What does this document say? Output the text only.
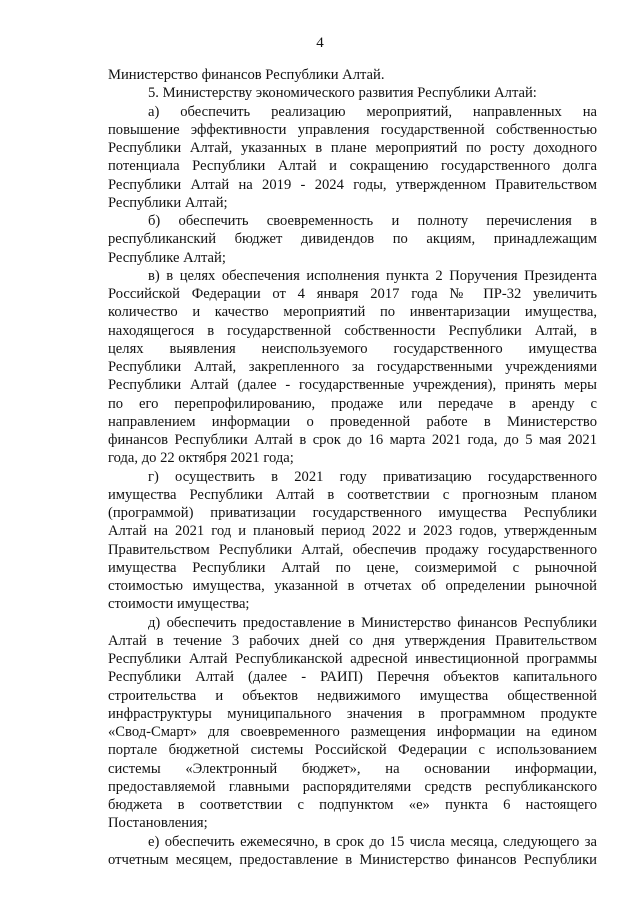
4

Министерство финансов Республики Алтай.

5. Министерству экономического развития Республики Алтай:

а) обеспечить реализацию мероприятий, направленных на
повышение эффективности управления государственной собственностью
Республики Алтай, указанных в плане мероприятий по росту доходного
потенциала Республики Алтай и сокращению государственного долга
Республики Алтай на 2019 - 2024 годы, утвержденном Правительством
Республики Алтай;

б) обеспечить своевременность и полноту перечисления в
республиканский бюджет дивидендов по акциям, принадлежащим
Республике Алтай;

в) в целях обеспечения исполнения пункта 2 Поручения Президента
Российской Федерации от 4 января 2017 года № ПР-32 увеличить
количество и качество мероприятий по инвентаризации имущества,
находящегося в государственной собственности Республики Алтай, в
целях выявления неиспользуемого государственного имущества
Республики Алтай, закрепленного за государственными учреждениями
Республики Алтай (далее - государственные учреждения), принять меры
по его перепрофилированию, продаже или передаче в аренду с
направлением информации о проведенной работе в Министерство
финансов Республики Алтай в срок до 16 марта 2021 года, до 5 мая 2021
года, до 22 октября 2021 года;

г) осуществить в 2021 году приватизацию государственного
имущества Республики Алтай в соответствии с прогнозным планом
(программой) приватизации государственного имущества Республики
Алтай на 2021 год и плановый период 2022 и 2023 годов, утвержденным
Правительством Республики Алтай, обеспечив продажу государственного
имущества Республики Алтай по цене, соизмеримой с рыночной
стоимостью имущества, указанной в отчетах об определении рыночной
стоимости имущества;

д) обеспечить предоставление в Министерство финансов Республики
Алтай в течение 3 рабочих дней со дня утверждения Правительством
Республики Алтай Республиканской адресной инвестиционной программы
Республики Алтай (далее - РАИП) Перечня объектов капитального
строительства и объектов недвижимого имущества общественной
инфраструктуры муниципального значения в программном продукте
«Свод-Смарт» для своевременного размещения информации на едином
портале бюджетной системы Российской Федерации с использованием
системы «Электронный бюджет», на основании информации,
предоставляемой главными распорядителями средств республиканского
бюджета в соответствии с подпунктом «е» пункта 6 настоящего
Постановления;

е) обеспечить ежемесячно, в срок до 15 числа месяца, следующего за
отчетным месяцем, предоставление в Министерство финансов Республики
